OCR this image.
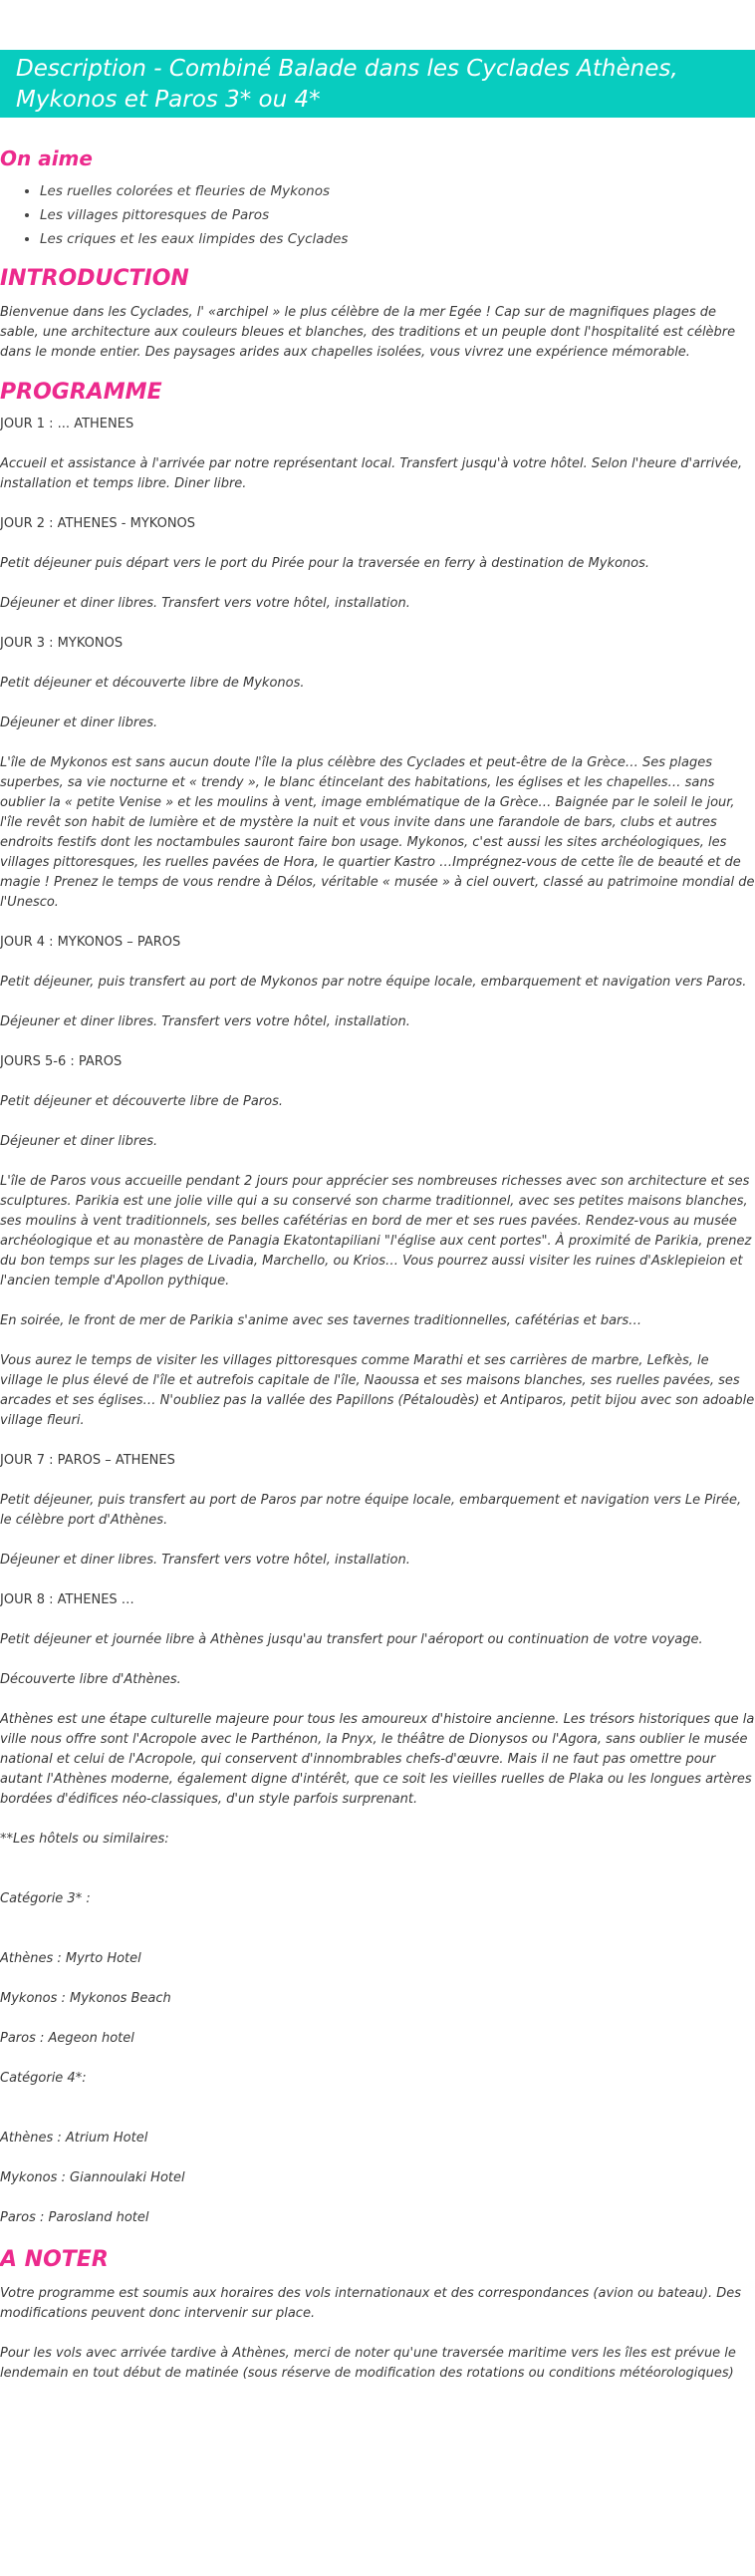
Description - Combiné Balade dans les Cyclades Athènes, Mykonos et Paros 3* ou 4*
On aime
• Les ruelles colorées et fleuries de Mykonos
• Les villages pittoresques de Paros
• Les criques et les eaux limpides des Cyclades
INTRODUCTION

Bienvenue dans les Cyclades, l' «archipel » le plus célèbre de la mer Egée ! Cap sur de magnifiques plages de sable, une architecture aux couleurs bleues et blanches, des traditions et un peuple dont l'hospitalité est célèbre dans le monde entier. Des paysages arides aux chapelles isolées, vous vivrez une expérience mémorable.

PROGRAMME

JOUR 1 : ... ATHENES

Accueil et assistance à l'arrivée par notre représentant local. Transfert jusqu'à votre hôtel. Selon l'heure d'arrivée, installation et temps libre. Diner libre.

JOUR 2 : ATHENES - MYKONOS

Petit déjeuner puis départ vers le port du Pirée pour la traversée en ferry à destination de Mykonos.

Déjeuner et diner libres. Transfert vers votre hôtel, installation.

JOUR 3 : MYKONOS

Petit déjeuner et découverte libre de Mykonos.

Déjeuner et diner libres.

L'île de Mykonos est sans aucun doute l'île la plus célèbre des Cyclades et peut-être de la Grèce… Ses plages superbes, sa vie nocturne et « trendy », le blanc étincelant des habitations, les églises et les chapelles… sans oublier la « petite Venise » et les moulins à vent, image emblématique de la Grèce… Baignée par le soleil le jour, l'île revêt son habit de lumière et de mystère la nuit et vous invite dans une farandole de bars, clubs et autres endroits festifs dont les noctambules sauront faire bon usage. Mykonos, c'est aussi les sites archéologiques, les villages pittoresques, les ruelles pavées de Hora, le quartier Kastro …Imprégnez-vous de cette île de beauté et de magie ! Prenez le temps de vous rendre à Délos, véritable « musée » à ciel ouvert, classé au patrimoine mondial de l'Unesco.

JOUR 4 : MYKONOS – PAROS

Petit déjeuner, puis transfert au port de Mykonos par notre équipe locale, embarquement et navigation vers Paros.

Déjeuner et diner libres. Transfert vers votre hôtel, installation.

JOURS 5-6 : PAROS

Petit déjeuner et découverte libre de Paros.

Déjeuner et diner libres.

L'île de Paros vous accueille pendant 2 jours pour apprécier ses nombreuses richesses avec son architecture et ses sculptures. Parikia est une jolie ville qui a su conservé son charme traditionnel, avec ses petites maisons blanches, ses moulins à vent traditionnels, ses belles cafétérias en bord de mer et ses rues pavées. Rendez-vous au musée archéologique et au monastère de Panagia Ekatontapiliani "l'église aux cent portes". À proximité de Parikia, prenez du bon temps sur les plages de Livadia, Marchello, ou Krios… Vous pourrez aussi visiter les ruines d'Asklepieion et l'ancien temple d'Apollon pythique.

En soirée, le front de mer de Parikia s'anime avec ses tavernes traditionnelles, cafétérias et bars…

Vous aurez le temps de visiter les villages pittoresques comme Marathi et ses carrières de marbre, Lefkès, le village le plus élevé de l'île et autrefois capitale de l'île, Naoussa et ses maisons blanches, ses ruelles pavées, ses arcades et ses églises… N'oubliez pas la vallée des Papillons (Pétaloudès) et Antiparos, petit bijou avec son adoable village fleuri.

JOUR 7 : PAROS – ATHENES

Petit déjeuner, puis transfert au port de Paros par notre équipe locale, embarquement et navigation vers Le Pirée, le célèbre port d'Athènes.

Déjeuner et diner libres. Transfert vers votre hôtel, installation.

JOUR 8 : ATHENES …

Petit déjeuner et journée libre à Athènes jusqu'au transfert pour l'aéroport ou continuation de votre voyage.

Découverte libre d'Athènes.

Athènes est une étape culturelle majeure pour tous les amoureux d'histoire ancienne. Les trésors historiques que la ville nous offre sont l'Acropole avec le Parthénon, la Pnyx, le théâtre de Dionysos ou l'Agora, sans oublier le musée national et celui de l'Acropole, qui conservent d'innombrables chefs-d'œuvre. Mais il ne faut pas omettre pour autant l'Athènes moderne, également digne d'intérêt, que ce soit les vieilles ruelles de Plaka ou les longues artères bordées d'édifices néo-classiques, d'un style parfois surprenant.

**Les hôtels ou similaires:

Catégorie 3* :

Athènes : Myrto Hotel

Mykonos : Mykonos Beach

Paros : Aegeon hotel

Catégorie 4*:

Athènes : Atrium Hotel

Mykonos : Giannoulaki Hotel

Paros : Parosland hotel

A NOTER

Votre programme est soumis aux horaires des vols internationaux et des correspondances (avion ou bateau). Des modifications peuvent donc intervenir sur place.

Pour les vols avec arrivée tardive à Athènes, merci de noter qu'une traversée maritime vers les îles est prévue le lendemain en tout début de matinée (sous réserve de modification des rotations ou conditions météorologiques)
